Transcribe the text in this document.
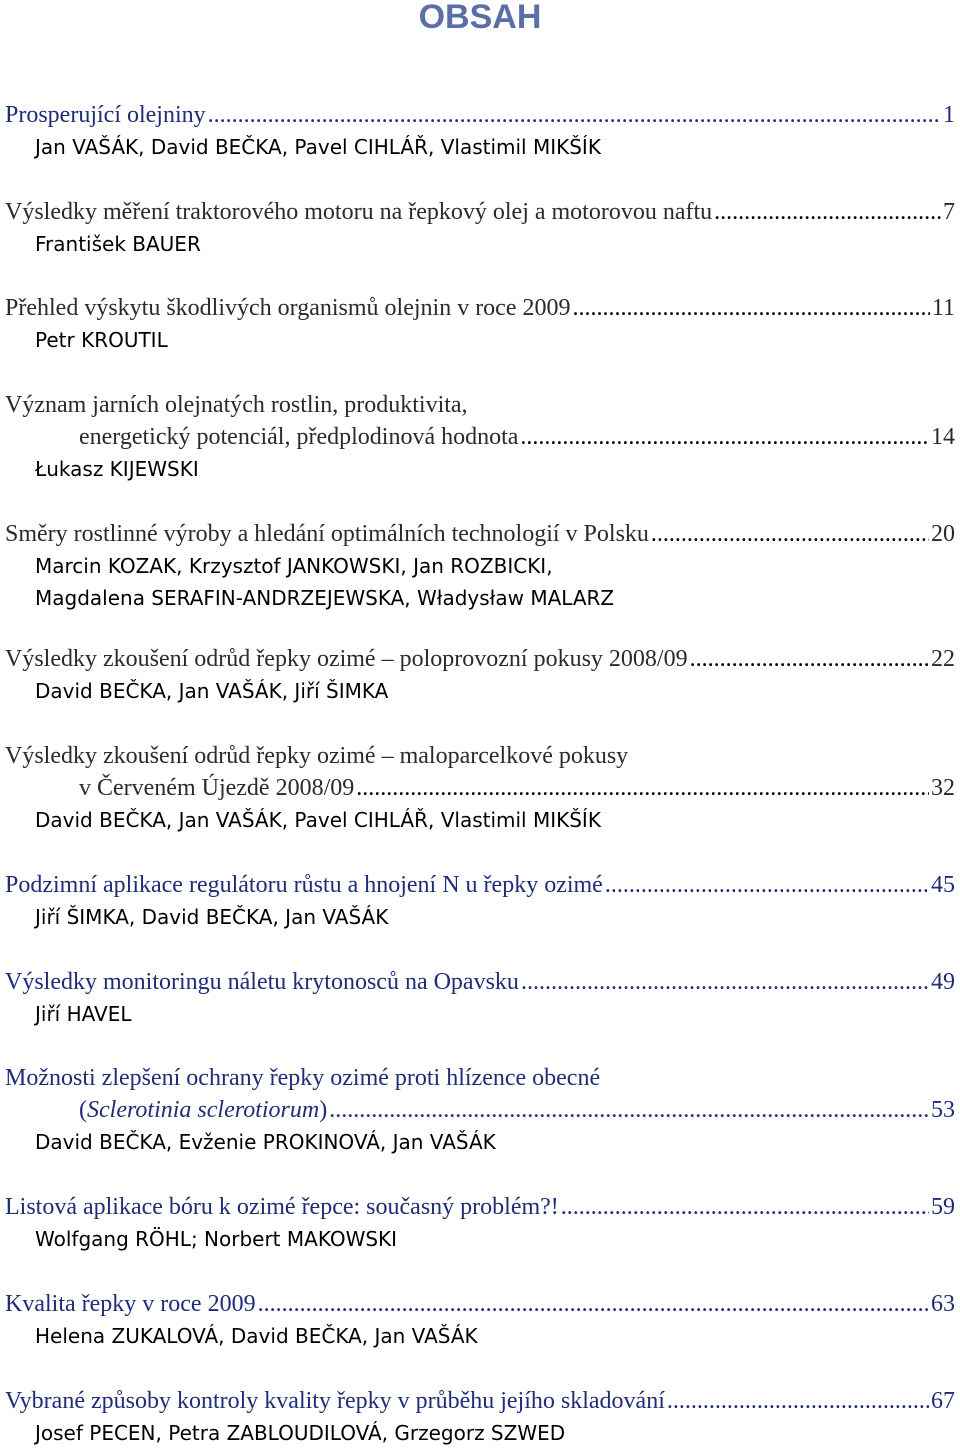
OBSAH
Prosperující olejniny .....	1
Jan VAŠÁK, David BEČKA, Pavel CIHLÁŘ, Vlastimil MIKŠÍK
Výsledky měření traktorového motoru na řepkový olej a motorovou naftu .....	7
František BAUER
Přehled výskytu škodlivých organismů olejnin v roce 2009 .....	11
Petr KROUTIL
Význam jarních olejnatých rostlin, produktivita,
energetický potenciál, předplodinová hodnota .....	14
Łukasz KIJEWSKI
Směry rostlinné výroby a hledání optimálních technologií v Polsku .....	20
Marcin KOZAK, Krzysztof JANKOWSKI, Jan ROZBICKI,
Magdalena SERAFIN-ANDRZEJEWSKA, Władysław MALARZ
Výsledky zkoušení odrůd řepky ozimé – poloprovozní pokusy 2008/09 .....	22
David BEČKA, Jan VAŠÁK, Jiří ŠIMKA
Výsledky zkoušení odrůd řepky ozimé – maloparcelkové pokusy
v Červeném Újezdě 2008/09 .....	32
David BEČKA, Jan VAŠÁK, Pavel CIHLÁŘ, Vlastimil MIKŠÍK
Podzimní aplikace regulátoru růstu a hnojení N u řepky ozimé .....	45
Jiří ŠIMKA, David BEČKA, Jan VAŠÁK
Výsledky monitoringu náletu krytonosců na Opavsku .....	49
Jiří HAVEL
Možnosti zlepšení ochrany řepky ozimé proti hlízence obecné
(Sclerotinia sclerotiorum) .....	53
David BEČKA, Evženie PROKINOVÁ, Jan VAŠÁK
Listová aplikace bóru k ozimé řepce: současný problém?! .....	59
Wolfgang RÖHL; Norbert MAKOWSKI
Kvalita řepky v roce 2009 .....	63
Helena ZUKALOVÁ, David BEČKA, Jan VAŠÁK
Vybrané způsoby kontroly kvality řepky v průběhu jejího skladování .....	67
Josef PECEN, Petra ZABLOUDILOVÁ, Grzegorz SZWED
